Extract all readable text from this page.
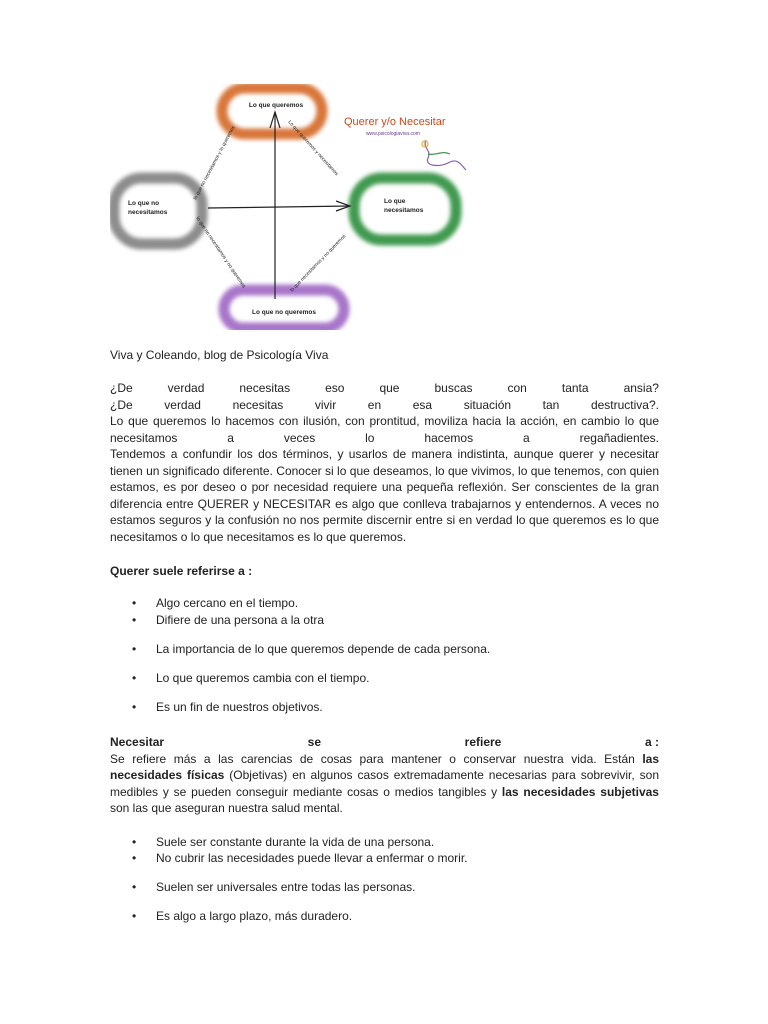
Lo que queremos
Lo que no
necesitamos
Lo que
necesitamos
Lo que no queremos
lo que no necesitamos y lo queremos	Lo que queremos y necesitamos
lo que no necesitamos y no queremos	lo que necesitamos y no queremos
Querer y/o Necesitar
www.psicologiaviva.com
Viva y Coleando, blog de Psicología Viva
¿De	verdad	necesitas	eso	que	buscas	con	tanta	ansia?
¿De	verdad	necesitas	vivir	en	esa	situación	tan	destructiva?.
Lo que queremos lo hacemos con ilusión, con prontitud, moviliza hacia la acción, en cambio lo que
necesitamos	a	veces	lo	hacemos	a	regañadientes.
Tendemos a confundir los dos términos, y usarlos de manera indistinta, aunque querer y necesitar tienen un significado diferente. Conocer si lo que deseamos, lo que vivimos, lo que tenemos, con quien estamos, es por deseo o por necesidad requiere una pequeña reflexión. Ser conscientes de la gran diferencia entre QUERER y NECESITAR es algo que conlleva trabajarnos y entendernos. A veces no estamos seguros y la confusión no nos permite discernir entre si en verdad lo que queremos es lo que necesitamos o lo que necesitamos es lo que queremos.
Querer suele referirse a :
• Algo cercano en el tiempo.
• Difiere de una persona a la otra
• La importancia de lo que queremos depende de cada persona.
• Lo que queremos cambia con el tiempo.
• Es un fin de nuestros objetivos.
Necesitar	se	refiere	a :
Se refiere más a las carencias de cosas para mantener o conservar nuestra vida. Están las necesidades físicas (Objetivas) en algunos casos extremadamente necesarias para sobrevivir, son medibles y se pueden conseguir mediante cosas o medios tangibles y las necesidades subjetivas son las que aseguran nuestra salud mental.
• Suele ser constante durante la vida de una persona.
• No cubrir las necesidades puede llevar a enfermar o morir.
• Suelen ser universales entre todas las personas.
• Es algo a largo plazo, más duradero.
